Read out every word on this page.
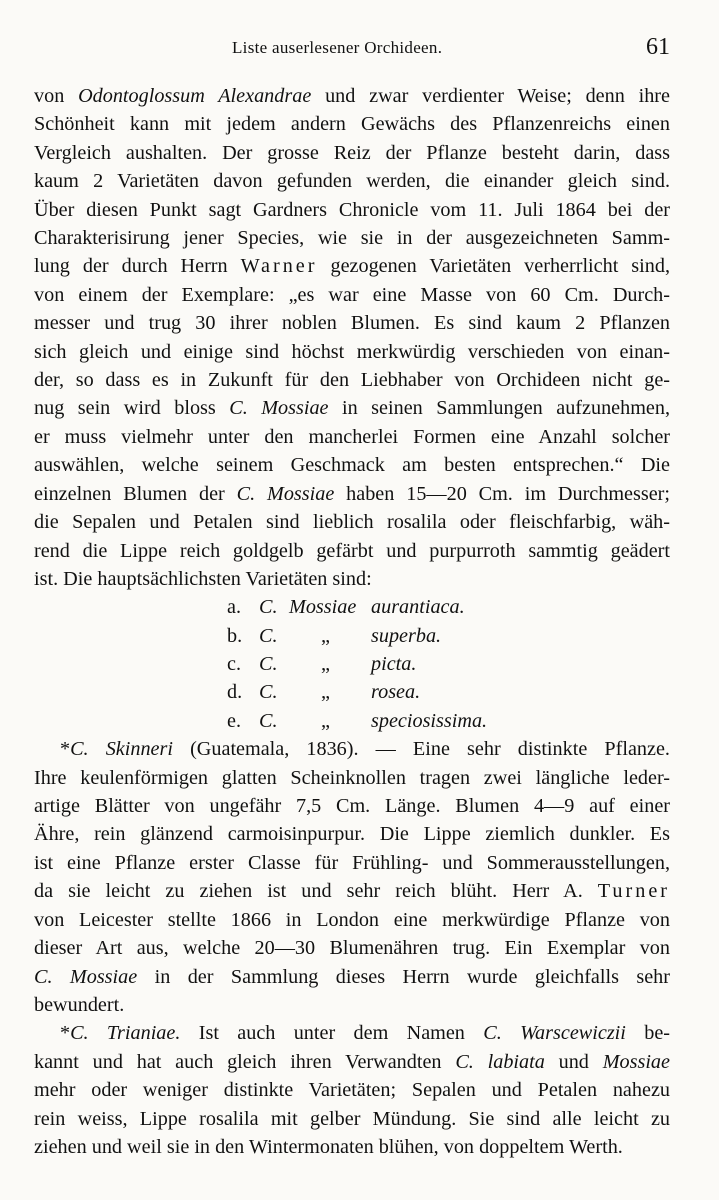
Liste auserlesener Orchideen.	61
von Odontoglossum Alexandrae und zwar verdienter Weise; denn ihre
Schönheit kann mit jedem andern Gewächs des Pflanzenreichs einen
Vergleich aushalten. Der grosse Reiz der Pflanze besteht darin, dass
kaum 2 Varietäten davon gefunden werden, die einander gleich sind.
Über diesen Punkt sagt Gardners Chronicle vom 11. Juli 1864 bei der
Charakterisirung jener Species, wie sie in der ausgezeichneten Samm-
lung der durch Herrn Warner gezogenen Varietäten verherrlicht sind,
von einem der Exemplare: „es war eine Masse von 60 Cm. Durch-
messer und trug 30 ihrer noblen Blumen. Es sind kaum 2 Pflanzen
sich gleich und einige sind höchst merkwürdig verschieden von einan-
der, so dass es in Zukunft für den Liebhaber von Orchideen nicht ge-
nug sein wird bloss C. Mossiae in seinen Sammlungen aufzunehmen,
er muss vielmehr unter den mancherlei Formen eine Anzahl solcher
auswählen, welche seinem Geschmack am besten entsprechen.“ Die
einzelnen Blumen der C. Mossiae haben 15—20 Cm. im Durchmesser;
die Sepalen und Petalen sind lieblich rosalila oder fleischfarbig, wäh-
rend die Lippe reich goldgelb gefärbt und purpurroth sammtig geädert
ist. Die hauptsächlichsten Varietäten sind:
a. C. Mossiae aurantiaca.
b. C. „ superba.
c. C. „ picta.
d. C. „ rosea.
e. C. „ speciosissima.
*C. Skinneri (Guatemala, 1836). — Eine sehr distinkte Pflanze.
Ihre keulenförmigen glatten Scheinknollen tragen zwei längliche leder-
artige Blätter von ungefähr 7,5 Cm. Länge. Blumen 4—9 auf einer
Ähre, rein glänzend carmoisinpurpur. Die Lippe ziemlich dunkler. Es
ist eine Pflanze erster Classe für Frühling- und Sommerausstellungen,
da sie leicht zu ziehen ist und sehr reich blüht. Herr A. Turner
von Leicester stellte 1866 in London eine merkwürdige Pflanze von
dieser Art aus, welche 20—30 Blumenähren trug. Ein Exemplar von
C. Mossiae in der Sammlung dieses Herrn wurde gleichfalls sehr
bewundert.
*C. Trianiae. Ist auch unter dem Namen C. Warscewiczii be-
kannt und hat auch gleich ihren Verwandten C. labiata und Mossiae
mehr oder weniger distinkte Varietäten; Sepalen und Petalen nahezu
rein weiss, Lippe rosalila mit gelber Mündung. Sie sind alle leicht zu
ziehen und weil sie in den Wintermonaten blühen, von doppeltem Werth.
